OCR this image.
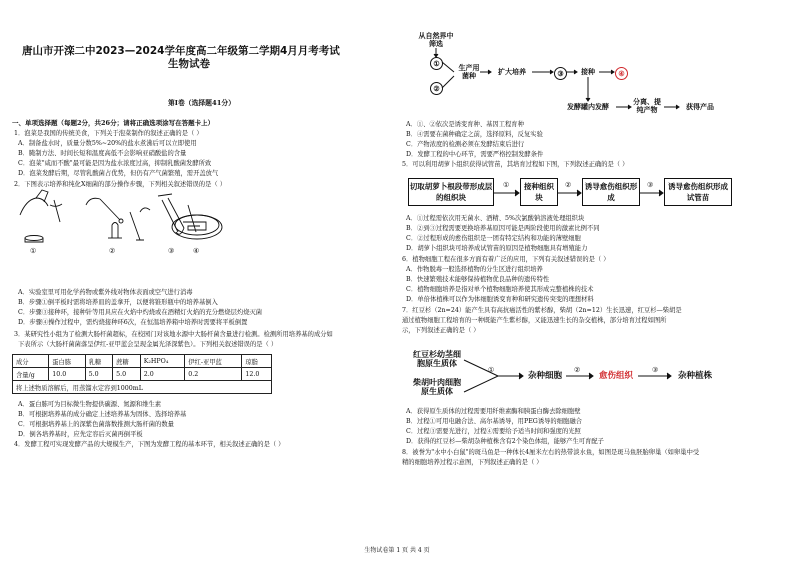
唐山市开滦二中2023—2024学年度高二年级第二学期4月月考考试
生物试卷
第Ⅰ卷（选择题41分）
一、单项选择题（每题2分，共26分；请将正确选项涂写在答题卡上）
1．泡菜是我国的传统美食，下列关于泡菜制作的叙述正确的是（ ）
A．制备盐水时，质量分数5%~20%的盐水煮沸后可以立即使用
B．腌制方法、时间长短和温度高低不会影响亚硝酸盐的含量
C．泡菜"咸而不酸"最可能是因为盐水浓度过高，抑制乳酸菌发酵所致
D．泡菜发酵后期，尽管乳酸菌占优势，但仍有产气菌繁殖，需开盖放气
2．下图表示培养和纯化X细菌的部分操作步骤，下列相关叙述错误的是（ ）
①	②	③	④
A．实验室里可用化学药物或紫外线对物体表面或空气进行消毒
B．步骤①倒平板时需将培养皿的盖拿开，以便将锥形瓶中的培养基倒入
C．步骤③接种环，接种针等用具应在火焰中灼烧或在酒精灯火焰的充分燃烧层灼烧灭菌
D．步骤④操作过程中，需灼烧接种环6次，在恒温培养箱中培养时需要将平板倒置
3．某研究性小组为了检测大肠杆菌超标，在校园门对该地水源中大肠杆菌含量进行检测。检测所用培养基的成分如
下表所示（大肠杆菌菌落呈伊红-亚甲蓝会呈现金属光泽深紫色）。下列相关叙述错误的是（ ）
成分	蛋白胨	乳糖	蔗糖	K₂HPO₄	伊红-亚甲蓝	琼脂
含量/g	10.0	5.0	5.0	2.0	0.2	12.0
将上述物质溶解后，用蒸馏水定容到1000mL						
A．蛋白胨可为目标微生物提供碳源、氮源和维生素
B．可根据培养基的成分确定上述培养基为固体、选择培养基
C．可根据培养基上的深紫色菌落数推测大肠杆菌的数量
D．倒各培养基时，应先定容后灭菌再倒平板
4．发酵工程可实现发酵产品的大规模生产，下图为发酵工程的基本环节，相关叙述正确的是（ ）
从自然界中筛选
①
②
生产用菌种	扩大培养	③	接种	④
发酵罐内发酵
分离、提纯产物	获得产品
A．①、②依次是诱变育种、基因工程育种
B．④需要在菌种确定之前，选择原料，反复实验
C．产物浓度的检测必须在发酵结束后进行
D．发酵工程的中心环节，需要严格控制发酵条件
5．可以利用胡萝卜组织获得试管苗，其培育过程如下图，下列叙述正确的是（ ）
切取胡萝卜根段带形成层的组织块
接种组织块
诱导愈伤组织形成
诱导愈伤组织形成试管苗
①	②	③
A．①过程需依次用无菌水、酒精、5%次氯酸钠溶液处理组织块
B．②到③过程需要更换培养基原因可能是两阶段使用的激素比例不同
C．②过程形成的愈伤组织是一团有特定结构和功能的薄壁细胞
D．胡萝卜组织块可培养成试管苗的原因是植物细胞具有增殖能力
6．植物细胞工程在很多方面有着广泛的应用，下列有关叙述错误的是（ ）
A．作物脱毒一般选择植物的分生区进行组织培养
B．快速繁殖技术能够保持植物优良品种的遗传特性
C．植物细胞培养是指对单个植物细胞培养使其形成完整植株的技术
D．单倍体植株可以作为体细胞诱变育种和研究遗传突变的理想材料
7．红豆杉（2n=24）能产生具有高抗癌活性的紫杉醇，柴胡（2n=12）生长迅速，红豆杉—柴胡是
通过植物细胞工程培育的一种既能产生紫杉醇，又能迅速生长的杂交植株，部分培育过程如图所
示，下列叙述正确的是（ ）
红豆杉幼茎细胞原生质体
柴胡叶肉细胞原生质体
杂种细胞	愈伤组织	杂种植株
①	②	③
A．获得原生质体的过程需要用纤维素酶和胰蛋白酶去除细胞壁
B．过程①可用电融合法、高尔基诱导，用PEG诱导的细胞融合
C．过程③需要光进行，过程④需要给予适当时间和强度的光照
D．获得的红豆杉—柴胡杂种植株含有2个染色体组，能够产生可育配子
8．被誉为"水中小白鼠"的斑马鱼是一种体长4厘米左右的热带淡水鱼，如图是斑马鱼胚胎卵巢（如卵巢中受
精的细胞培养过程示意图，下列叙述正确的是（ ）
生物试卷第 1 页 共 4 页
